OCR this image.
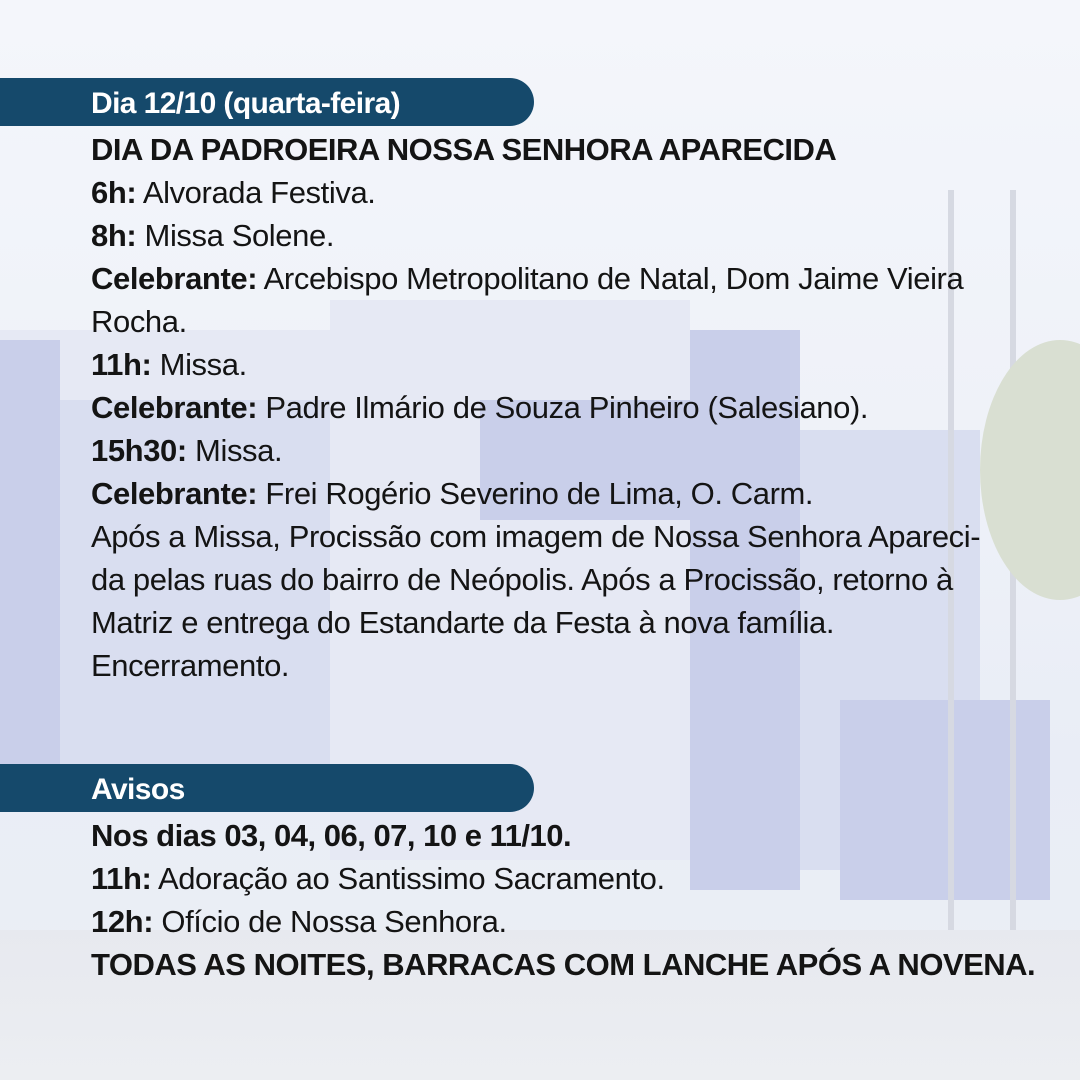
Dia 12/10 (quarta-feira)
DIA DA PADROEIRA NOSSA SENHORA APARECIDA
6h: Alvorada Festiva.
8h: Missa Solene.
Celebrante: Arcebispo Metropolitano de Natal, Dom Jaime Vieira
Rocha.
11h: Missa.
Celebrante: Padre Ilmário de Souza Pinheiro (Salesiano).
15h30: Missa.
Celebrante: Frei Rogério Severino de Lima, O. Carm.
Após a Missa, Procissão com imagem de Nossa Senhora Apareci-
da pelas ruas do bairro de Neópolis. Após a Procissão, retorno à
Matriz e entrega do Estandarte da Festa à nova família.
Encerramento.
Avisos
Nos dias 03, 04, 06, 07, 10 e 11/10.
11h: Adoração ao Santissimo Sacramento.
12h: Ofício de Nossa Senhora.
TODAS AS NOITES, BARRACAS COM LANCHE APÓS A NOVENA.
